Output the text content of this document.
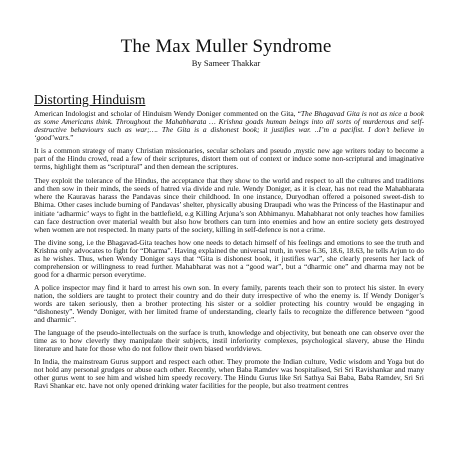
The Max Muller Syndrome

By Sameer Thakkar

Distorting Hinduism

American Indologist and scholar of Hinduism Wendy Doniger commented on the Gita, “The Bhagavad Gita is not as nice a book as some Americans think. Throughout the Mahabharata … Krishna goads human beings into all sorts of murderous and self-destructive behaviours such as war;…. The Gita is a dishonest book; it justifies war. ..I’m a pacifist. I don’t believe in ‘good’wars.”

It is a common strategy of many Christian missionaries, secular scholars and pseudo ,mystic new age writers today to become a part of the Hindu crowd, read a few of their scriptures, distort them out of context or induce some non-scriptural and imaginative terms, highlight them as “scriptural” and then demean the scriptures.

They exploit the tolerance of the Hindus, the acceptance that they show to the world and respect to all the cultures and traditions and then sow in their minds, the seeds of hatred via divide and rule. Wendy Doniger, as it is clear, has not read the Mahabharata where the Kauravas harass the Pandavas since their childhood. In one instance, Duryodhan offered a poisoned sweet-dish to Bhima. Other cases include burning of Pandavas’ shelter, physically abusing Draupadi who was the Princess of the Hastinapur and initiate ‘adharmic’ ways to fight in the battlefield, e.g Killing Arjuna’s son Abhimanyu. Mahabharat not only teaches how families can face destruction over material wealth but also how brothers can turn into enemies and how an entire society gets destroyed when women are not respected. In many parts of the society, killing in self-defence is not a crime.

The divine song, i.e the Bhagavad-Gita teaches how one needs to detach himself of his feelings and emotions to see the truth and Krishna only advocates to fight for “Dharma”. Having explained the universal truth, in verse 6.36, 18.6, 18.63, he tells Arjun to do as he wishes. Thus, when Wendy Doniger says that “Gita is dishonest book, it justifies war”, she clearly presents her lack of comprehension or willingness to read further. Mahabharat was not a “good war”, but a “dharmic one” and dharma may not be good for a dharmic person everytime.

A police inspector may find it hard to arrest his own son. In every family, parents teach their son to protect his sister. In every nation, the soldiers are taught to protect their country and do their duty irrespective of who the enemy is. If Wendy Doniger’s words are taken seriously, then a brother protecting his sister or a soldier protecting his country would be engaging in “dishonesty”. Wendy Doniger, with her limited frame of understanding, clearly fails to recognize the difference between “good and dharmic”.

The language of the pseudo-intellectuals on the surface is truth, knowledge and objectivity, but beneath one can observe over the time as to how cleverly they manipulate their subjects, instil inferiority complexes, psychological slavery, abuse the Hindu literature and hate for those who do not follow their own biased worldviews.

In India, the mainstream Gurus support and respect each other. They promote the Indian culture, Vedic wisdom and Yoga but do not hold any personal grudges or abuse each other. Recently, when Baba Ramdev was hospitalised, Sri Sri Ravishankar and many other gurus went to see him and wished him speedy recovery. The Hindu Gurus like Sri Sathya Sai Baba, Baba Ramdev, Sri Sri Ravi Shankar etc. have not only opened drinking water facilities for the people, but also treatment centres
